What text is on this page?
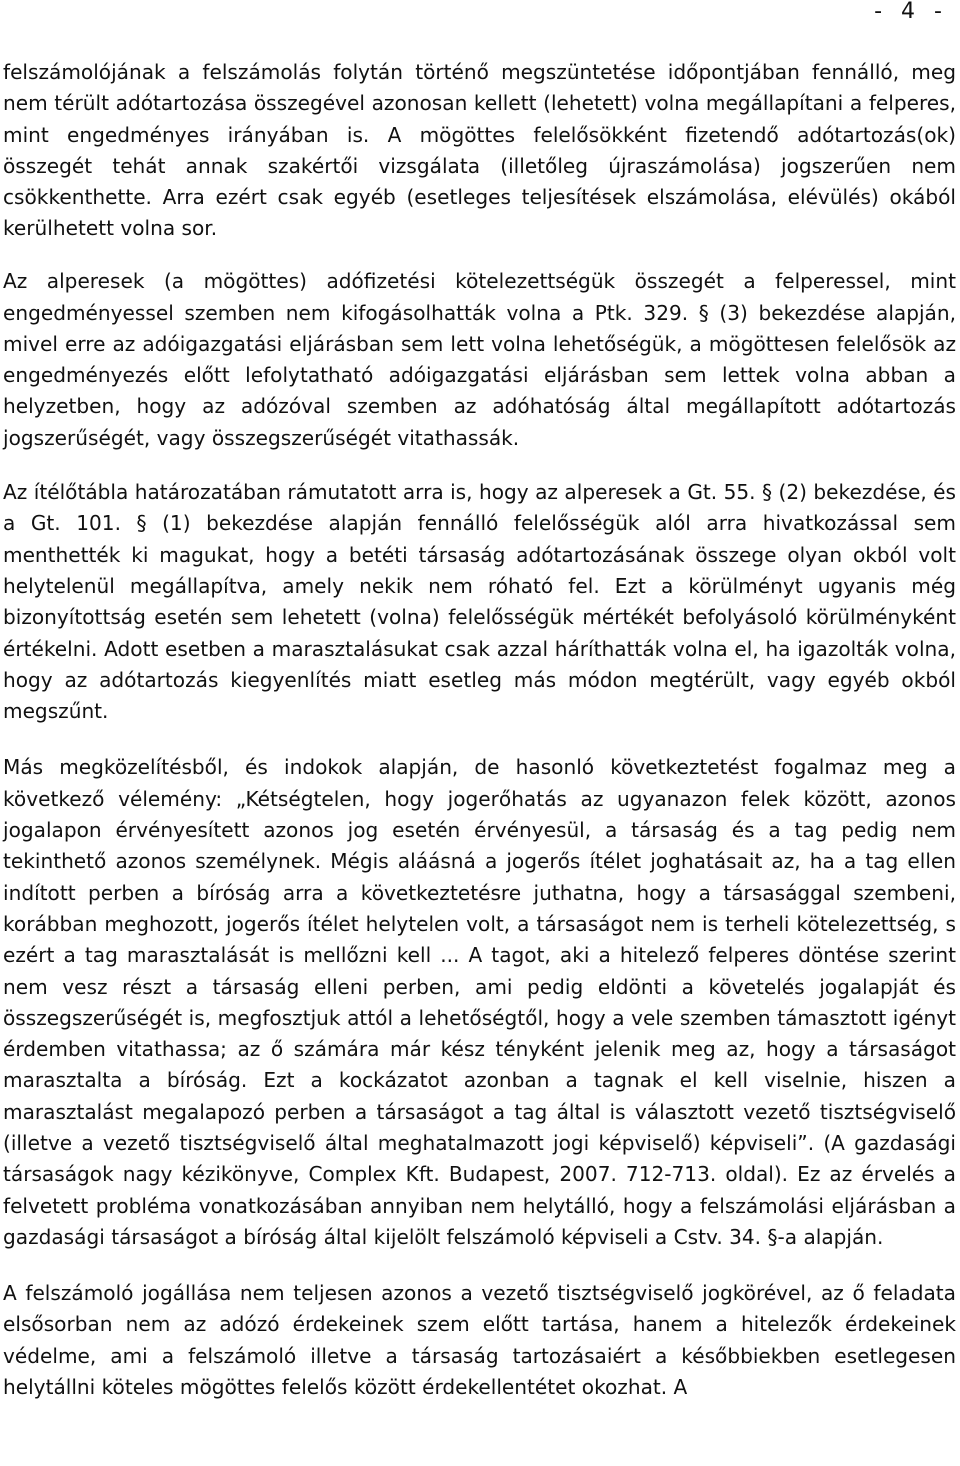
- 4 -

felszámolójának a felszámolás folytán történő megszüntetése időpontjában fennálló, meg nem térült adótartozása összegével azonosan kellett (lehetett) volna megállapítani a felperes, mint engedményes irányában is. A mögöttes felelősökként fizetendő adótartozás(ok) összegét tehát annak szakértői vizsgálata (illetőleg újraszámolása) jogszerűen nem csökkenthette. Arra ezért csak egyéb (esetleges teljesítések elszámolása, elévülés) okából kerülhetett volna sor.

Az alperesek (a mögöttes) adófizetési kötelezettségük összegét a felperessel, mint engedményessel szemben nem kifogásolhatták volna a Ptk. 329. § (3) bekezdése alapján, mivel erre az adóigazgatási eljárásban sem lett volna lehetőségük, a mögöttesen felelősök az engedményezés előtt lefolytatható adóigazgatási eljárásban sem lettek volna abban a helyzetben, hogy az adózóval szemben az adóhatóság által megállapított adótartozás jogszerűségét, vagy összegszerűségét vitathassák.

Az ítélőtábla határozatában rámutatott arra is, hogy az alperesek a Gt. 55. § (2) bekezdése, és a Gt. 101. § (1) bekezdése alapján fennálló felelősségük alól arra hivatkozással sem menthették ki magukat, hogy a betéti társaság adótartozásának összege olyan okból volt helytelenül megállapítva, amely nekik nem róható fel. Ezt a körülményt ugyanis még bizonyítottság esetén sem lehetett (volna) felelősségük mértékét befolyásoló körülményként értékelni. Adott esetben a marasztalásukat csak azzal háríthatták volna el, ha igazolták volna, hogy az adótartozás kiegyenlítés miatt esetleg más módon megtérült, vagy egyéb okból megszűnt.

Más megközelítésből, és indokok alapján, de hasonló következtetést fogalmaz meg a következő vélemény: „Kétségtelen, hogy jogerőhatás az ugyanazon felek között, azonos jogalapon érvényesített azonos jog esetén érvényesül, a társaság és a tag pedig nem tekinthető azonos személynek. Mégis aláásná a jogerős ítélet joghatásait az, ha a tag ellen indított perben a bíróság arra a következtetésre juthatna, hogy a társasággal szembeni, korábban meghozott, jogerős ítélet helytelen volt, a társaságot nem is terheli kötelezettség, s ezért a tag marasztalását is mellőzni kell ... A tagot, aki a hitelező felperes döntése szerint nem vesz részt a társaság elleni perben, ami pedig eldönti a követelés jogalapját és összegszerűségét is, megfosztjuk attól a lehetőségtől, hogy a vele szemben támasztott igényt érdemben vitathassa; az ő számára már kész tényként jelenik meg az, hogy a társaságot marasztalta a bíróság. Ezt a kockázatot azonban a tagnak el kell viselnie, hiszen a marasztalást megalapozó perben a társaságot a tag által is választott vezető tisztségviselő (illetve a vezető tisztségviselő által meghatalmazott jogi képviselő) képviseli”. (A gazdasági társaságok nagy kézikönyve, Complex Kft. Budapest, 2007. 712-713. oldal). Ez az érvelés a felvetett probléma vonatkozásában annyiban nem helytálló, hogy a felszámolási eljárásban a gazdasági társaságot a bíróság által kijelölt felszámoló képviseli a Cstv. 34. §-a alapján.

A felszámoló jogállása nem teljesen azonos a vezető tisztségviselő jogkörével, az ő feladata elsősorban nem az adózó érdekeinek szem előtt tartása, hanem a hitelezők érdekeinek védelme, ami a felszámoló illetve a társaság tartozásaiért a későbbiekben esetlegesen helytállni köteles mögöttes felelős között érdekellentétet okozhat. A
